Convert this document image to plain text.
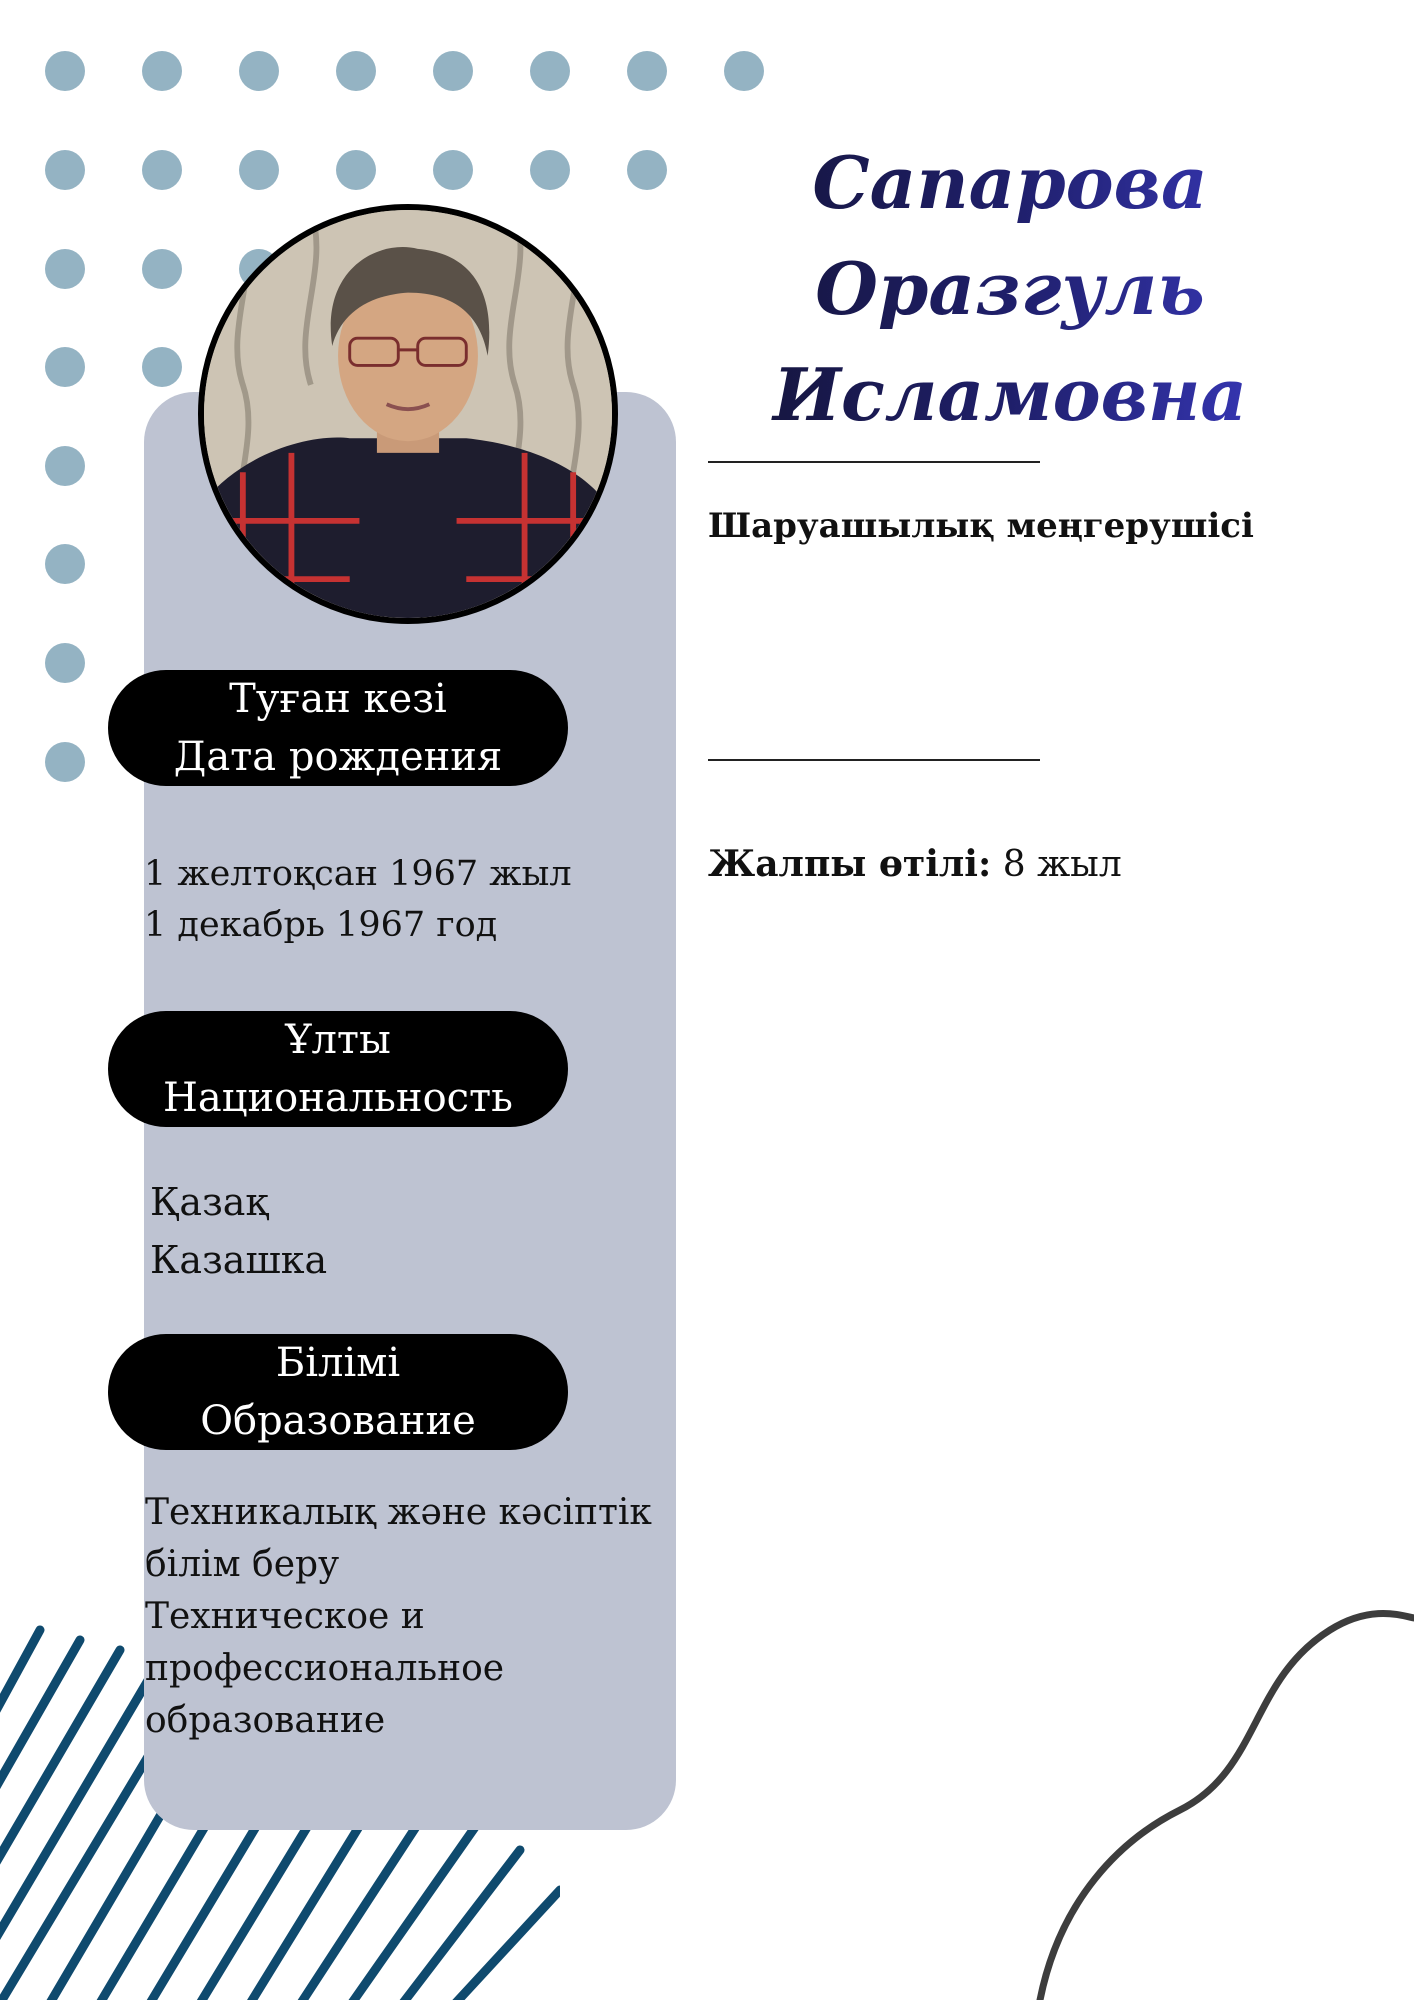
Туған кезі
Дата рождения
1 желтоқсан 1967 жыл
1 декабрь 1967 год
Ұлты
Национальность
Қазақ
Казашка
Білімі
Образование
Техникалық және кәсіптік
білім беру
Техническое и
профессиональное
образование
Сапарова
Оразгуль
Исламовна
Шаруашылық меңгерушісі
Жалпы өтілі: 8 жыл
